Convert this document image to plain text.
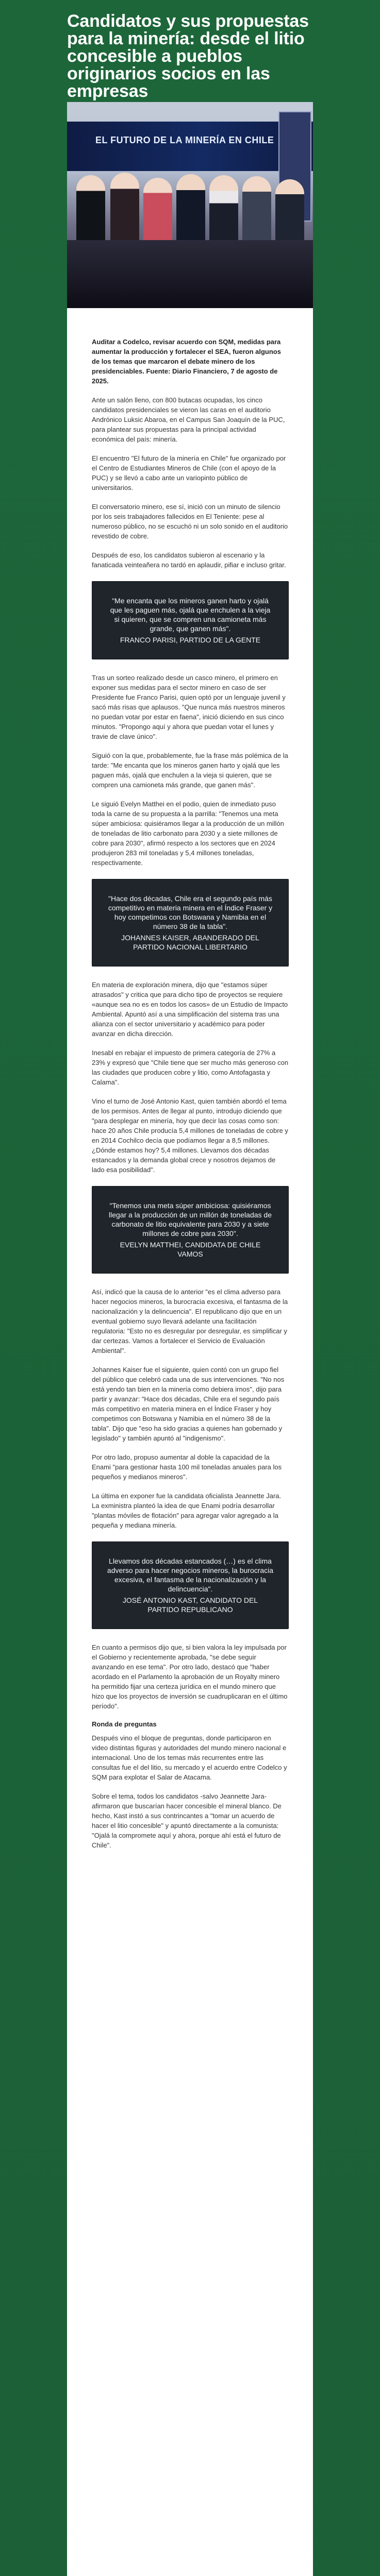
Candidatos y sus propuestas para la minería: desde el litio concesible a pueblos originarios socios en las empresas
EL FUTURO DE LA MINERÍA EN CHILE

Auditar a Codelco, revisar acuerdo con SQM, medidas para aumentar la producción y fortalecer el SEA, fueron algunos de los temas que marcaron el debate minero de los presidenciables. Fuente: Diario Financiero, 7 de agosto de 2025.

Ante un salón lleno, con 800 butacas ocupadas, los cinco candidatos presidenciales se vieron las caras en el auditorio Andrónico Luksic Abaroa, en el Campus San Joaquín de la PUC, para plantear sus propuestas para la principal actividad económica del país: minería.

El encuentro "El futuro de la minería en Chile" fue organizado por el Centro de Estudiantes Mineros de Chile (con el apoyo de la PUC) y se llevó a cabo ante un variopinto público de universitarios.

El conversatorio minero, ese sí, inició con un minuto de silencio por los seis trabajadores fallecidos en El Teniente: pese al numeroso público, no se escuchó ni un solo sonido en el auditorio revestido de cobre.

Después de eso, los candidatos subieron al escenario y la fanaticada veinteañera no tardó en aplaudir, pifiar e incluso gritar.

"Me encanta que los mineros ganen harto y ojalá que les paguen más, ojalá que enchulen a la vieja si quieren, que se compren una camioneta más grande, que ganen más".
FRANCO PARISI, PARTIDO DE LA GENTE

Tras un sorteo realizado desde un casco minero, el primero en exponer sus medidas para el sector minero en caso de ser Presidente fue Franco Parisi, quien optó por un lenguaje juvenil y sacó más risas que aplausos. "Que nunca más nuestros mineros no puedan votar por estar en faena", inició diciendo en sus cinco minutos. "Propongo aquí y ahora que puedan votar el lunes y travie de clave único".

Siguió con la que, probablemente, fue la frase más polémica de la tarde: "Me encanta que los mineros ganen harto y ojalá que les paguen más, ojalá que enchulen a la vieja si quieren, que se compren una camioneta más grande, que ganen más".

Le siguió Evelyn Matthei en el podio, quien de inmediato puso toda la carne de su propuesta a la parrilla: "Tenemos una meta súper ambiciosa: quisiéramos llegar a la producción de un millón de toneladas de litio carbonato para 2030 y a siete millones de cobre para 2030", afirmó respecto a los sectores que en 2024 produjeron 283 mil toneladas y 5,4 millones toneladas, respectivamente.

"Hace dos décadas, Chile era el segundo país más competitivo en materia minera en el Índice Fraser y hoy competimos con Botswana y Namibia en el número 38 de la tabla".
JOHANNES KAISER, ABANDERADO DEL PARTIDO NACIONAL LIBERTARIO

En materia de exploración minera, dijo que "estamos súper atrasados" y critica que para dicho tipo de proyectos se requiere «aunque sea no es en todos los casos» de un Estudio de Impacto Ambiental. Apuntó así a una simplificación del sistema tras una alianza con el sector universitario y académico para poder avanzar en dicha dirección.

Inesabl en rebajar el impuesto de primera categoría de 27% a 23% y expresó que "Chile tiene que ser mucho más generoso con las ciudades que producen cobre y litio, como Antofagasta y Calama".

Vino el turno de José Antonio Kast, quien también abordó el tema de los permisos. Antes de llegar al punto, introdujo diciendo que "para desplegar en minería, hoy que decir las cosas como son: hace 20 años Chile producía 5,4 millones de toneladas de cobre y en 2014 Cochilco decía que podíamos llegar a 8,5 millones. ¿Dónde estamos hoy? 5,4 millones. Llevamos dos décadas estancados y la demanda global crece y nosotros dejamos de lado esa posibilidad".

"Tenemos una meta súper ambiciosa: quisiéramos llegar a la producción de un millón de toneladas de carbonato de litio equivalente para 2030 y a siete millones de cobre para 2030".
EVELYN MATTHEI, CANDIDATA DE CHILE VAMOS

Así, indicó que la causa de lo anterior "es el clima adverso para hacer negocios mineros, la burocracia excesiva, el fantasma de la nacionalización y la delincuencia". El republicano dijo que en un eventual gobierno suyo llevará adelante una facilitación regulatoria: "Esto no es desregular por desregular, es simplificar y dar certezas. Vamos a fortalecer el Servicio de Evaluación Ambiental".

Johannes Kaiser fue el siguiente, quien contó con un grupo fiel del público que celebró cada una de sus intervenciones. "No nos está yendo tan bien en la minería como debiera irnos", dijo para partir y avanzar: "Hace dos décadas, Chile era el segundo país más competitivo en materia minera en el Índice Fraser y hoy competimos con Botswana y Namibia en el número 38 de la tabla". Dijo que "eso ha sido gracias a quienes han gobernado y legislado" y también apuntó al "indigenismo".

Por otro lado, propuso aumentar al doble la capacidad de la Enami "para gestionar hasta 100 mil toneladas anuales para los pequeños y medianos mineros".

La última en exponer fue la candidata oficialista Jeannette Jara. La exministra planteó la idea de que Enami podría desarrollar "plantas móviles de flotación" para agregar valor agregado a la pequeña y mediana minería.

Llevamos dos décadas estancados (…) es el clima adverso para hacer negocios mineros, la burocracia excesiva, el fantasma de la nacionalización y la delincuencia".
JOSÉ ANTONIO KAST, CANDIDATO DEL PARTIDO REPUBLICANO

En cuanto a permisos dijo que, si bien valora la ley impulsada por el Gobierno y recientemente aprobada, "se debe seguir avanzando en ese tema". Por otro lado, destacó que "haber acordado en el Parlamento la aprobación de un Royalty minero ha permitido fijar una certeza jurídica en el mundo minero que hizo que los proyectos de inversión se cuadruplicaran en el último período".

Ronda de preguntas

Después vino el bloque de preguntas, donde participaron en video distintas figuras y autoridades del mundo minero nacional e internacional. Uno de los temas más recurrentes entre las consultas fue el del litio, su mercado y el acuerdo entre Codelco y SQM para explotar el Salar de Atacama.

Sobre el tema, todos los candidatos -salvo Jeannette Jara- afirmaron que buscarían hacer concesible el mineral blanco. De hecho, Kast instó a sus contrincantes a "tomar un acuerdo de hacer el litio concesible" y apuntó directamente a la comunista: "Ojalá la compromete aquí y ahora, porque ahí está el futuro de Chile".
